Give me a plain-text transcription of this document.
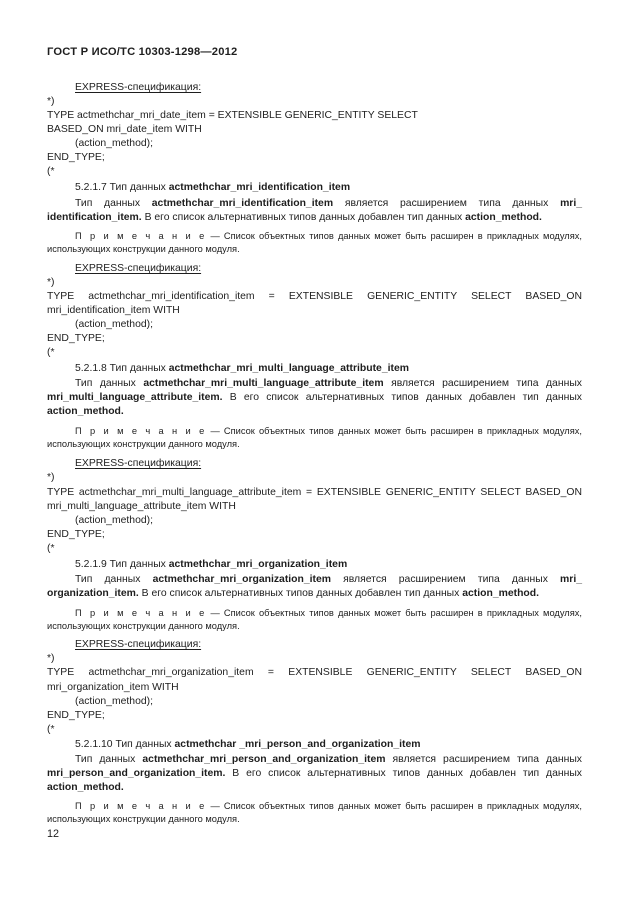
ГОСТ Р ИСО/ТС 10303-1298—2012
EXPRESS-спецификация:
*)
TYPE actmethchar_mri_date_item = EXTENSIBLE GENERIC_ENTITY SELECT
BASED_ON mri_date_item WITH
(action_method);
END_TYPE;
(*
5.2.1.7 Тип данных actmethchar_mri_identification_item
Тип данных actmethchar_mri_identification_item является расширением типа данных mri_
identification_item. В его список альтернативных типов данных добавлен тип данных action_method.
П р и м е ч а н и е — Список объектных типов данных может быть расширен в прикладных модулях,
использующих конструкции данного модуля.
EXPRESS-спецификация:
*)
TYPE actmethchar_mri_identification_item = EXTENSIBLE GENERIC_ENTITY SELECT BASED_ON
mri_identification_item WITH
(action_method);
END_TYPE;
(*
5.2.1.8 Тип данных actmethchar_mri_multi_language_attribute_item
Тип данных actmethchar_mri_multi_language_attribute_item является расширением типа данных
mri_multi_language_attribute_item. В его список альтернативных типов данных добавлен тип данных
action_method.
П р и м е ч а н и е — Список объектных типов данных может быть расширен в прикладных модулях,
использующих конструкции данного модуля.
EXPRESS-спецификация:
*)
TYPE actmethchar_mri_multi_language_attribute_item = EXTENSIBLE GENERIC_ENTITY SELECT BASED_ON
mri_multi_language_attribute_item WITH
(action_method);
END_TYPE;
(*
5.2.1.9 Тип данных actmethchar_mri_organization_item
Тип данных actmethchar_mri_organization_item является расширением типа данных mri_
organization_item. В его список альтернативных типов данных добавлен тип данных action_method.
П р и м е ч а н и е — Список объектных типов данных может быть расширен в прикладных модулях,
использующих конструкции данного модуля.
EXPRESS-спецификация:
*)
TYPE actmethchar_mri_organization_item = EXTENSIBLE GENERIC_ENTITY SELECT BASED_ON
mri_organization_item WITH
(action_method);
END_TYPE;
(*
5.2.1.10 Тип данных actmethchar _mri_person_and_organization_item
Тип данных actmethchar_mri_person_and_organization_item является расширением типа данных
mri_person_and_organization_item. В его список альтернативных типов данных добавлен тип данных
action_method.
П р и м е ч а н и е — Список объектных типов данных может быть расширен в прикладных модулях,
использующих конструкции данного модуля.
12
